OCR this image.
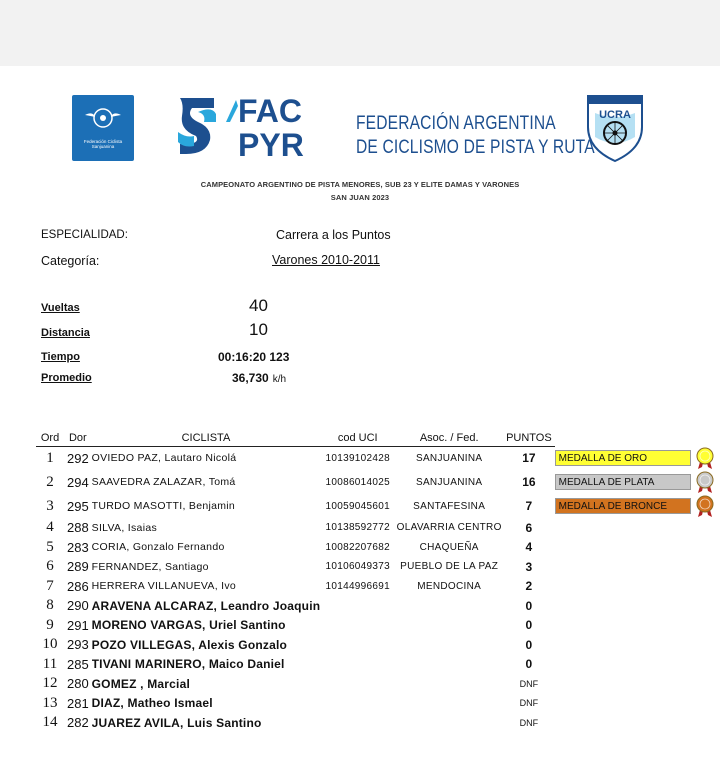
Federación Ciclista Sanjuanina
FAC
PYR
FEDERACIÓN ARGENTINA
DE CICLISMO DE PISTA Y RUTA
UCRA
CAMPEONATO ARGENTINO DE PISTA MENORES, SUB 23 Y ELITE DAMAS Y VARONES
SAN JUAN 2023
ESPECIALIDAD:	Carrera a los Puntos
Categoría:	Varones 2010-2011
Vueltas	40
Distancia	10
Tiempo	00:16:20 123
Promedio	36,730 k/h
Ord	Dor	CICLISTA	cod UCI	Asoc. / Fed.	PUNTOS	
1	292	OVIEDO PAZ, Lautaro Nicolá	10139102428	SANJUANINA	17	MEDALLA DE ORO
2	294	SAAVEDRA ZALAZAR, Tomá	10086014025	SANJUANINA	16	MEDALLA DE PLATA
3	295	TURDO MASOTTI, Benjamin	10059045601	SANTAFESINA	7	MEDALLA DE BRONCE
4	288	SILVA, Isaias	10138592772	OLAVARRIA CENTRO	6	
5	283	CORIA, Gonzalo Fernando	10082207682	CHAQUEÑA	4	
6	289	FERNANDEZ, Santiago	10106049373	PUEBLO DE LA PAZ	3	
7	286	HERRERA VILLANUEVA, Ivo	10144996691	MENDOCINA	2	
8	290	ARAVENA ALCARAZ, Leandro Joaquin			0	
9	291	MORENO VARGAS, Uriel Santino			0	
10	293	POZO VILLEGAS, Alexis Gonzalo			0	
11	285	TIVANI MARINERO, Maico Daniel			0	
12	280	GOMEZ , Marcial			DNF	
13	281	DIAZ, Matheo Ismael			DNF	
14	282	JUAREZ AVILA, Luis Santino			DNF	
